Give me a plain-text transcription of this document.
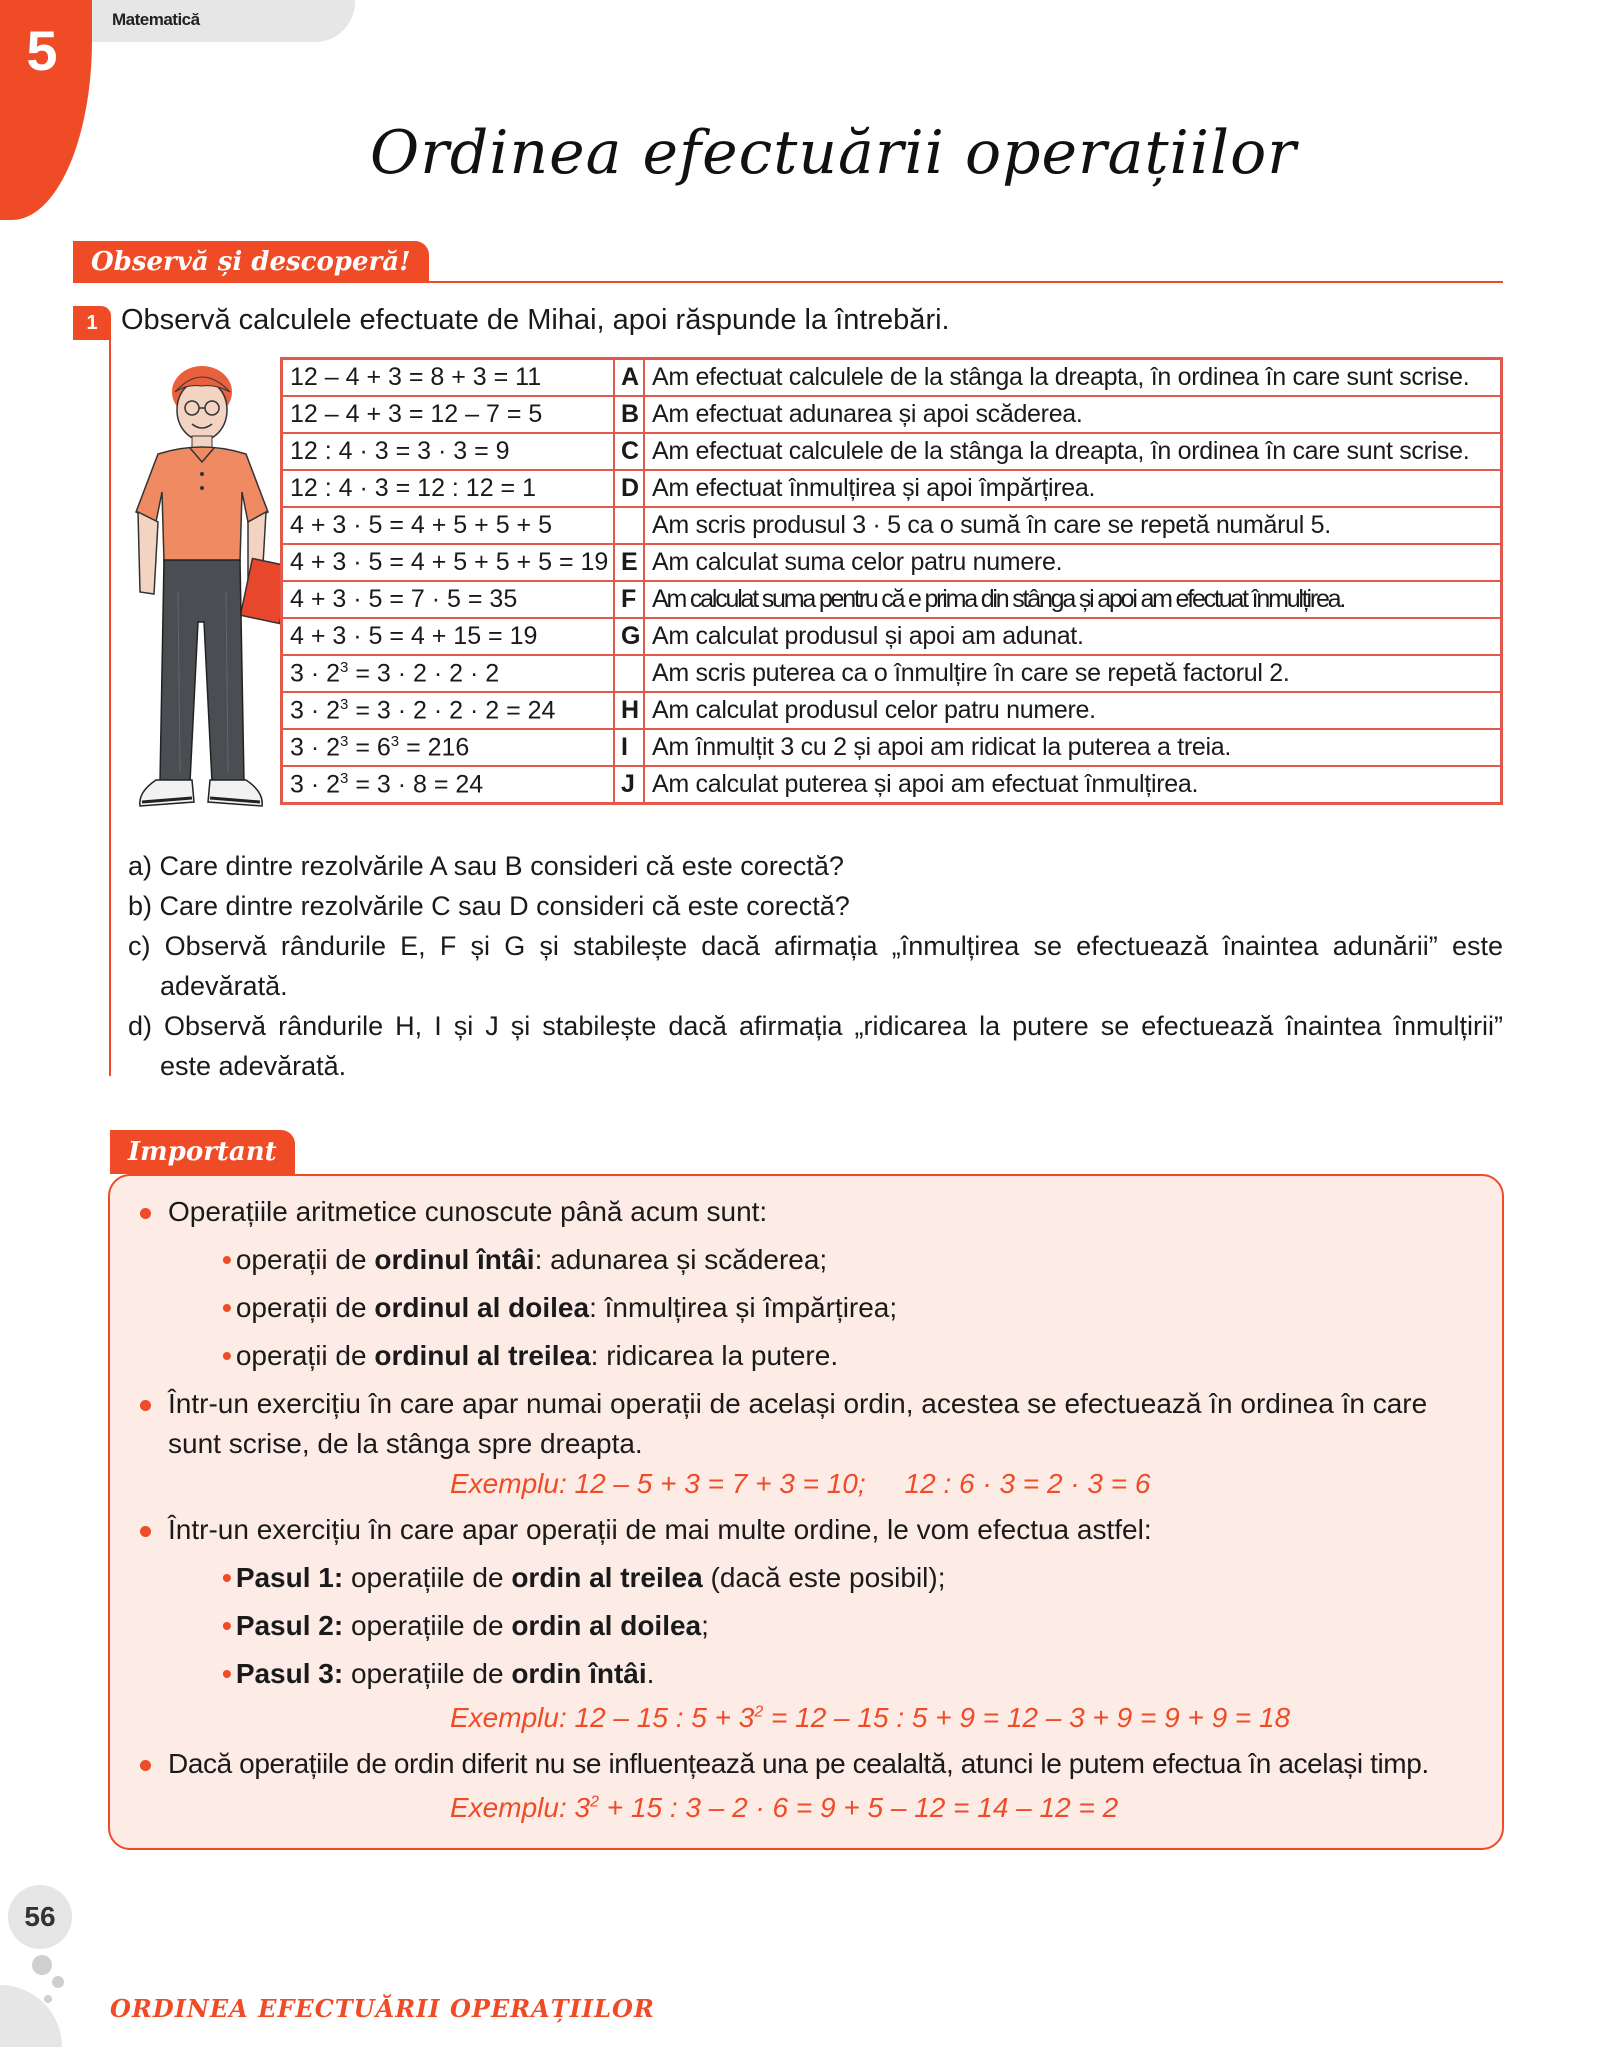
5	Matematică
Ordinea efectuării operațiilor
Observă și descoperă!
1 Observă calculele efectuate de Mihai, apoi răspunde la întrebări.
12 – 4 + 3 = 8 + 3 = 11	A	Am efectuat calculele de la stânga la dreapta, în ordinea în care sunt scrise.
12 – 4 + 3 = 12 – 7 = 5	B	Am efectuat adunarea și apoi scăderea.
12 : 4 · 3 = 3 · 3 = 9	C	Am efectuat calculele de la stânga la dreapta, în ordinea în care sunt scrise.
12 : 4 · 3 = 12 : 12 = 1	D	Am efectuat înmulțirea și apoi împărțirea.
4 + 3 · 5 = 4 + 5 + 5 + 5		Am scris produsul 3 · 5 ca o sumă în care se repetă numărul 5.
4 + 3 · 5 = 4 + 5 + 5 + 5 = 19	E	Am calculat suma celor patru numere.
4 + 3 · 5 = 7 · 5 = 35	F	Am calculat suma pentru că e prima din stânga și apoi am efectuat înmulțirea.
4 + 3 · 5 = 4 + 15 = 19	G	Am calculat produsul și apoi am adunat.
$3 \cdot 2^3 = 3 \cdot 2 \cdot 2 \cdot 2$		Am scris puterea ca o înmulțire în care se repetă factorul 2.
$3 \cdot 2^3 = 3 \cdot 2 \cdot 2 \cdot 2 = 24$	H	Am calculat produsul celor patru numere.
$3 \cdot 2^3 = 6^3 = 216$	I	Am înmulțit 3 cu 2 și apoi am ridicat la puterea a treia.
$3 \cdot 2^3 = 3 \cdot 8 = 24$	J	Am calculat puterea și apoi am efectuat înmulțirea.

a) Care dintre rezolvările A sau B consideri că este corectă?

b) Care dintre rezolvările C sau D consideri că este corectă?

c) Observă rândurile E, F și G și stabilește dacă afirmația „înmulțirea se efectuează înaintea adunării” este

adevărată.

d) Observă rândurile H, I și J și stabilește dacă afirmația „ridicarea la putere se efectuează înaintea înmulțirii”

este adevărată.

Important
Operațiile aritmetice cunoscute până acum sunt:
• operații de ordinul întâi: adunarea și scăderea;
• operații de ordinul al doilea: înmulțirea și împărțirea;
• operații de ordinul al treilea: ridicarea la putere.
Într-un exercițiu în care apar numai operații de același ordin, acestea se efectuează în ordinea în care
sunt scrise, de la stânga spre dreapta.
Exemplu: 12 – 5 + 3 = 7 + 3 = 10;     12 : 6 · 3 = 2 · 3 = 6
Într-un exercițiu în care apar operații de mai multe ordine, le vom efectua astfel:
• Pasul 1: operațiile de ordin al treilea (dacă este posibil);
• Pasul 2: operațiile de ordin al doilea;
• Pasul 3: operațiile de ordin întâi.
Exemplu: 12 – 15 : $5 + 3^2 = 12 - 15$ : 5 + 9 = 12 – 3 + 9 = 9 + 9 = 18
Dacă operațiile de ordin diferit nu se influențează una pe cealaltă, atunci le putem efectua în același timp.
Exemplu: $3^2 + 15$ : 3 – 2 · 6 = 9 + 5 – 12 = 14 – 12 = 2
56
ORDINEA EFECTUĂRII OPERAȚIILOR
